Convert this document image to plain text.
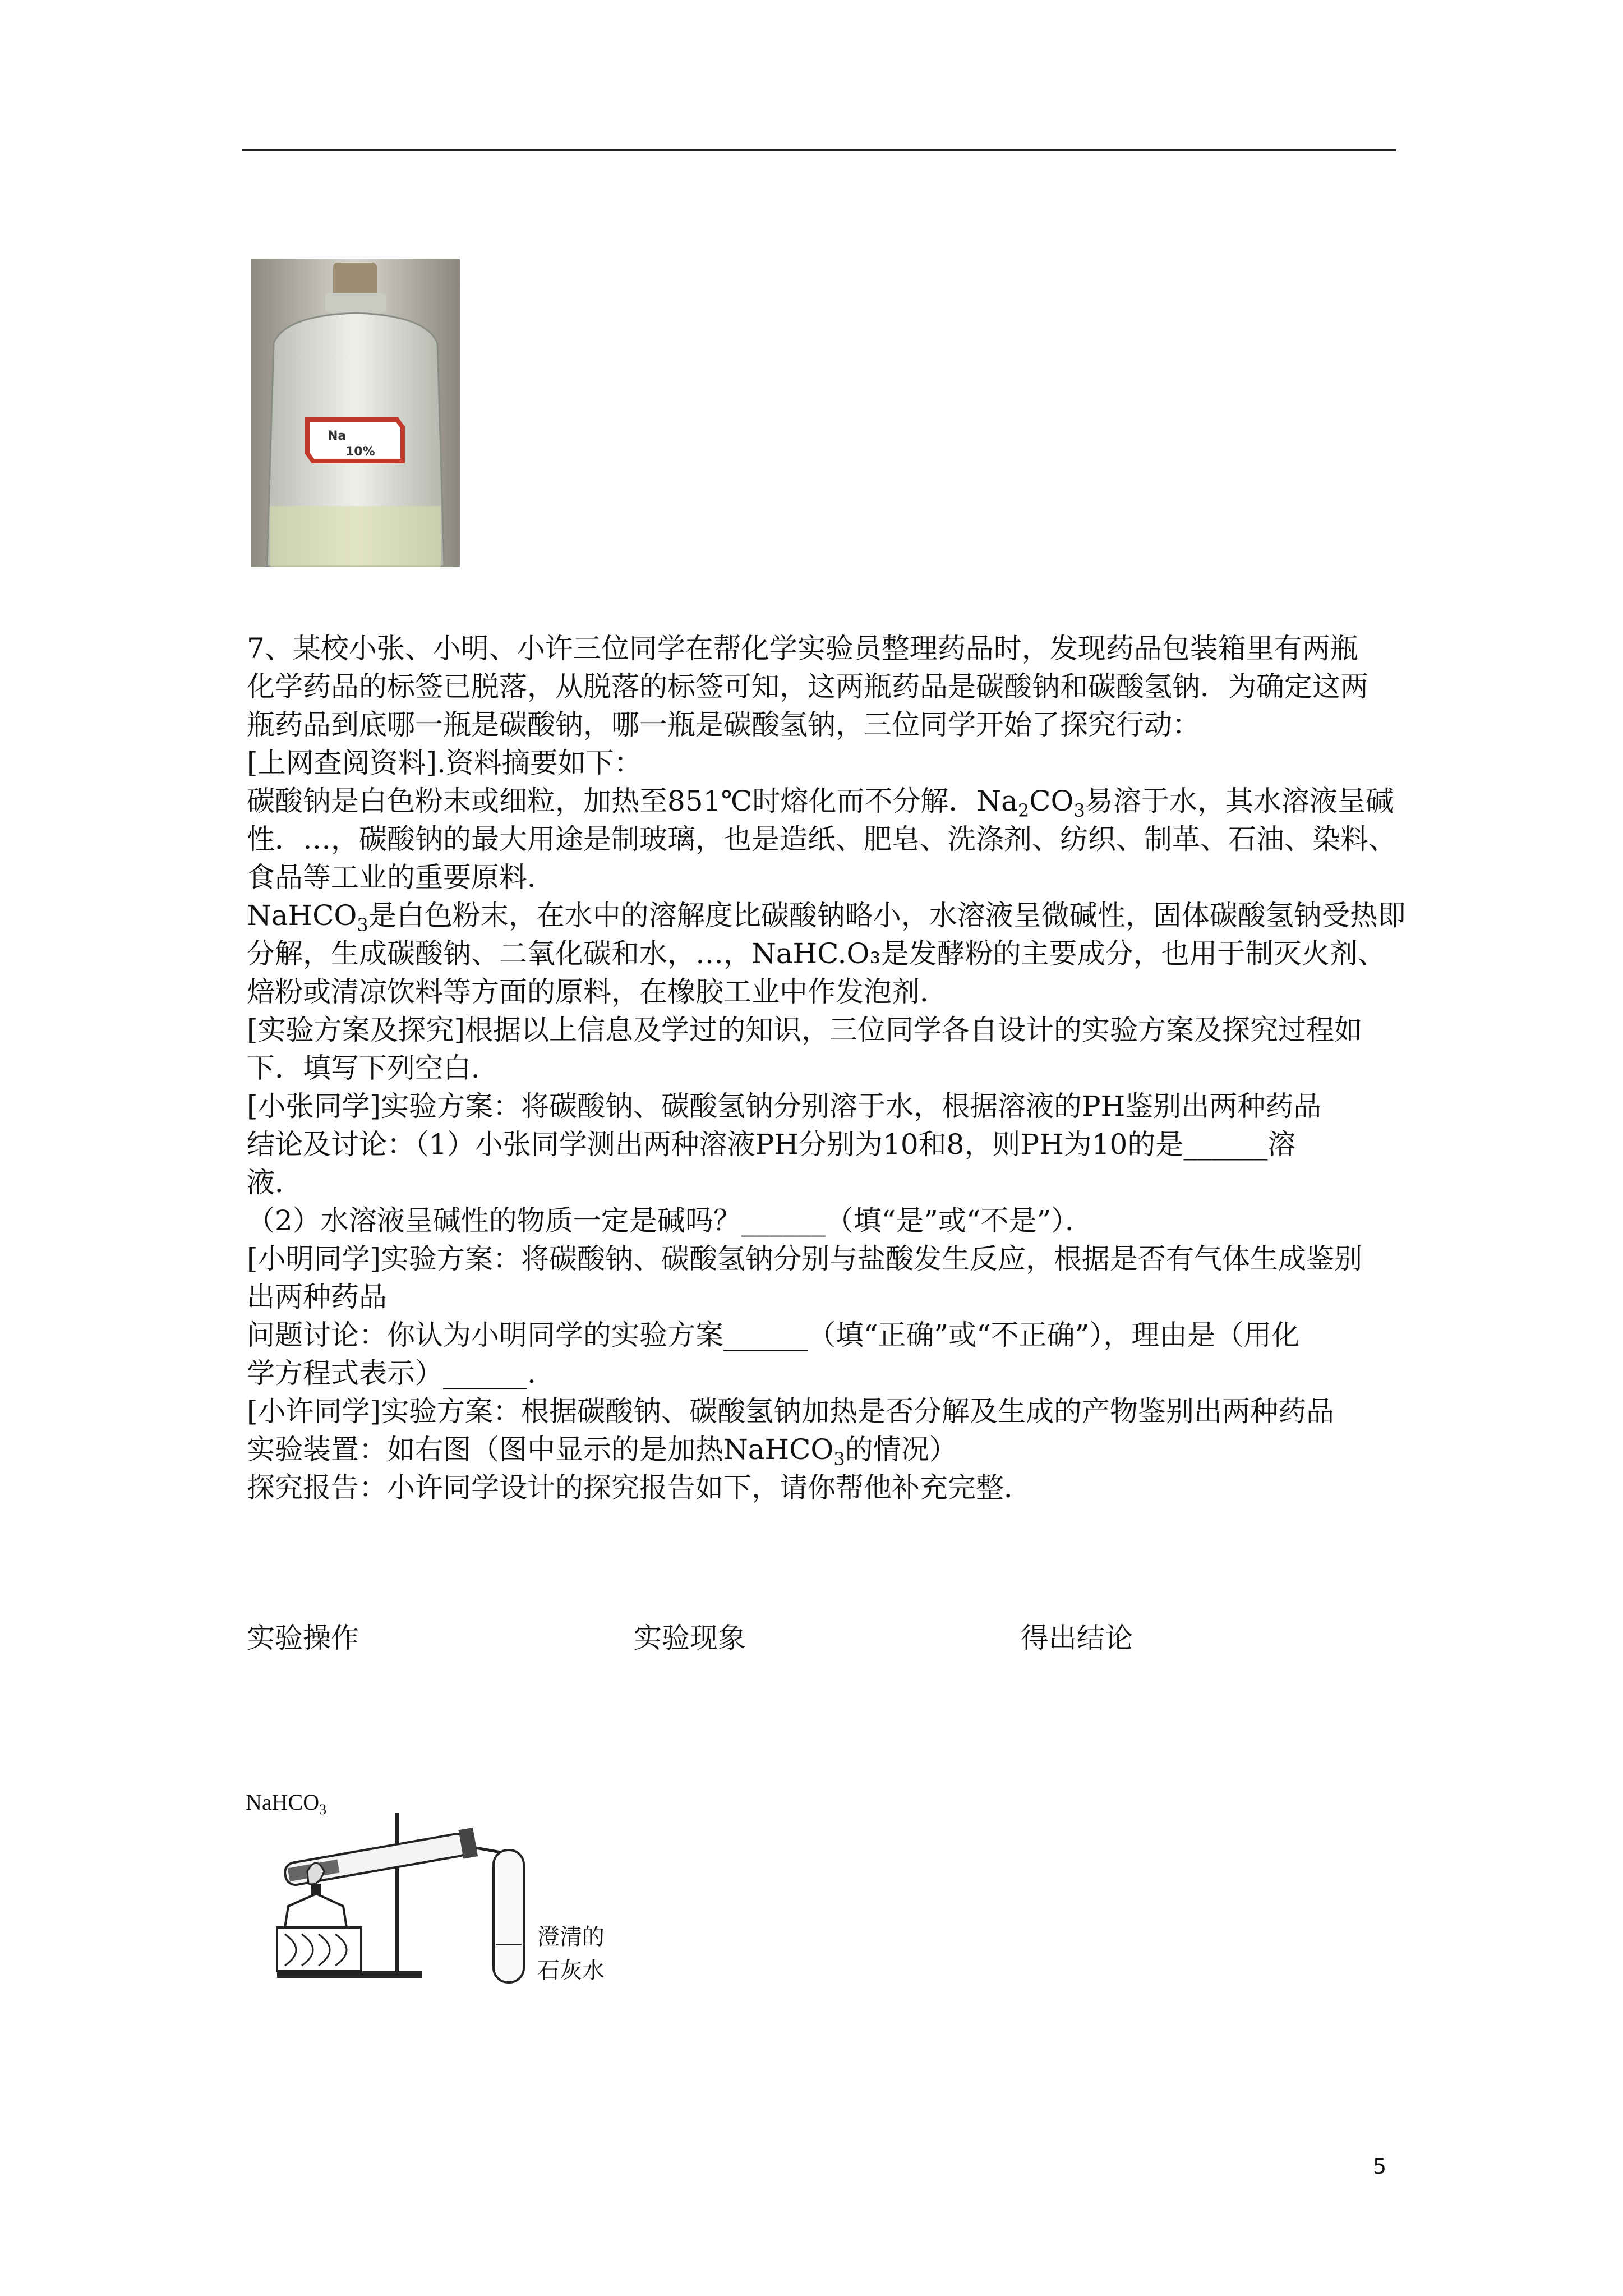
Na
10%

7、某校小张、小明、小许三位同学在帮化学实验员整理药品时，发现药品包装箱里有两瓶

化学药品的标签已脱落，从脱落的标签可知，这两瓶药品是碳酸钠和碳酸氢钠．为确定这两

瓶药品到底哪一瓶是碳酸钠，哪一瓶是碳酸氢钠，三位同学开始了探究行动：

[上网查阅资料].资料摘要如下：

碳酸钠是白色粉末或细粒，加热至851℃时熔化而不分解．$Na_2CO_3$易溶于水，其水溶液呈碱

性．…，碳酸钠的最大用途是制玻璃，也是造纸、肥皂、洗涤剂、纺织、制革、石油、染料、

食品等工业的重要原料．

NaHCO$_3$是白色粉末，在水中的溶解度比碳酸钠略小，水溶液呈微碱性，固体碳酸氢钠受热即

分解，生成碳酸钠、二氧化碳和水，…，NaHC.O₃是发酵粉的主要成分，也用于制灭火剂、

焙粉或清凉饮料等方面的原料，在橡胶工业中作发泡剂．

[实验方案及探究]根据以上信息及学过的知识，三位同学各自设计的实验方案及探究过程如

下．填写下列空白．

[小张同学]实验方案：将碳酸钠、碳酸氢钠分别溶于水，根据溶液的PH鉴别出两种药品

结论及讨论：（1）小张同学测出两种溶液PH分别为10和8，则PH为10的是______溶

液．

（2）水溶液呈碱性的物质一定是碱吗？______（填“是”或“不是”）．

[小明同学]实验方案：将碳酸钠、碳酸氢钠分别与盐酸发生反应，根据是否有气体生成鉴别

出两种药品

问题讨论：你认为小明同学的实验方案______（填“正确”或“不正确”），理由是（用化

学方程式表示）______.

[小许同学]实验方案：根据碳酸钠、碳酸氢钠加热是否分解及生成的产物鉴别出两种药品

实验装置：如右图（图中显示的是加热NaHCO$_3$的情况）

探究报告：小许同学设计的探究报告如下，请你帮他补充完整．

实验操作	实验现象	得出结论
NaHCO$_3$
澄清的
石灰水
5
